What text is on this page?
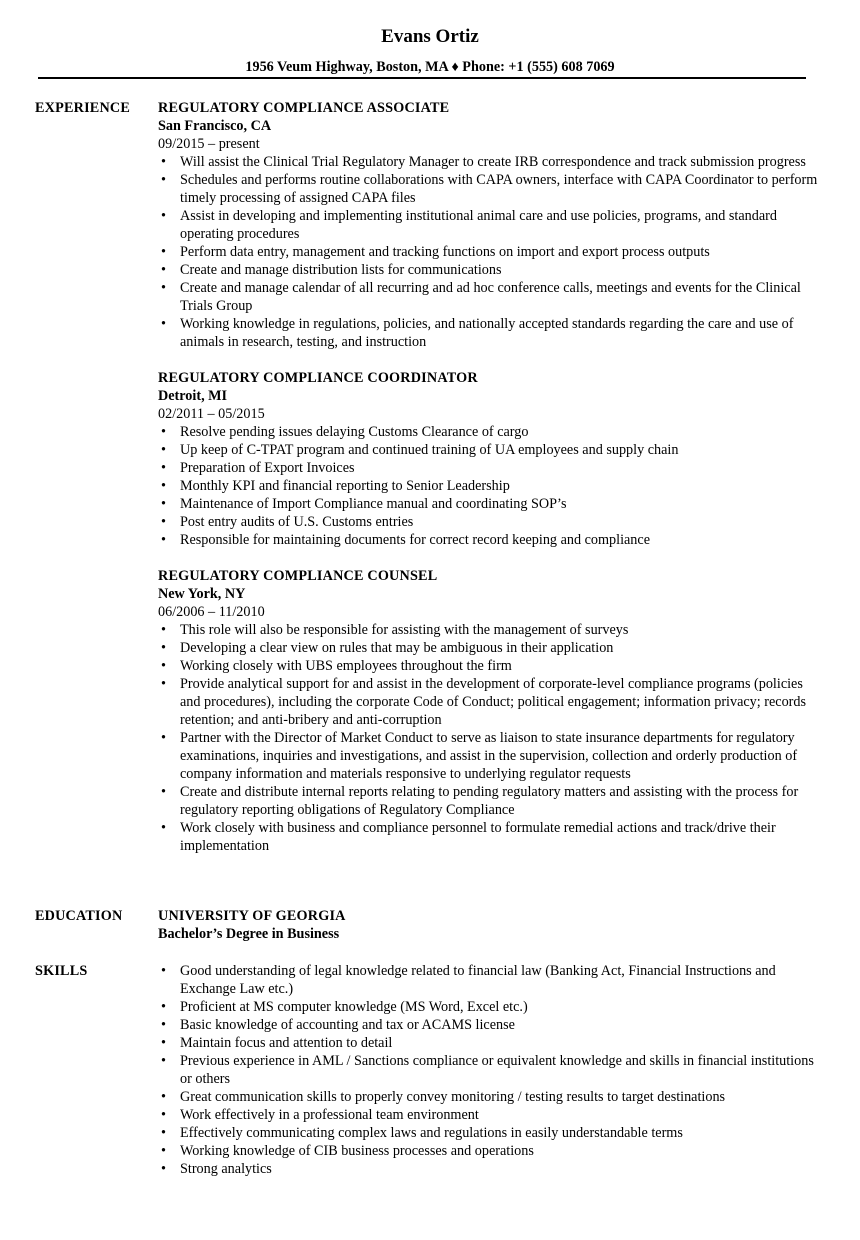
Evans Ortiz
1956 Veum Highway, Boston, MA ♦ Phone: +1 (555) 608 7069
EXPERIENCE REGULATORY COMPLIANCE ASSOCIATE
San Francisco, CA
09/2015 – present
• Will assist the Clinical Trial Regulatory Manager to create IRB correspondence and track submission progress
• Schedules and performs routine collaborations with CAPA owners, interface with CAPA Coordinator to perform timely processing of assigned CAPA files
• Assist in developing and implementing institutional animal care and use policies, programs, and standard operating procedures
• Perform data entry, management and tracking functions on import and export process outputs
• Create and manage distribution lists for communications
• Create and manage calendar of all recurring and ad hoc conference calls, meetings and events for the Clinical Trials Group
• Working knowledge in regulations, policies, and nationally accepted standards regarding the care and use of animals in research, testing, and instruction
REGULATORY COMPLIANCE COORDINATOR
Detroit, MI
02/2011 – 05/2015
• Resolve pending issues delaying Customs Clearance of cargo
• Up keep of C-TPAT program and continued training of UA employees and supply chain
• Preparation of Export Invoices
• Monthly KPI and financial reporting to Senior Leadership
• Maintenance of Import Compliance manual and coordinating SOP’s
• Post entry audits of U.S. Customs entries
• Responsible for maintaining documents for correct record keeping and compliance
REGULATORY COMPLIANCE COUNSEL
New York, NY
06/2006 – 11/2010
• This role will also be responsible for assisting with the management of surveys
• Developing a clear view on rules that may be ambiguous in their application
• Working closely with UBS employees throughout the firm
• Provide analytical support for and assist in the development of corporate-level compliance programs (policies and procedures), including the corporate Code of Conduct; political engagement; information privacy; records retention; and anti-bribery and anti-corruption
• Partner with the Director of Market Conduct to serve as liaison to state insurance departments for regulatory examinations, inquiries and investigations, and assist in the supervision, collection and orderly production of company information and materials responsive to underlying regulator requests
• Create and distribute internal reports relating to pending regulatory matters and assisting with the process for regulatory reporting obligations of Regulatory Compliance
• Work closely with business and compliance personnel to formulate remedial actions and track/drive their implementation
EDUCATION	UNIVERSITY OF GEORGIA
Bachelor’s Degree in Business
SKILLS
•	Good understanding of legal knowledge related to financial law (Banking Act, Financial Instructions and Exchange Law etc.)
• Proficient at MS computer knowledge (MS Word, Excel etc.)
• Basic knowledge of accounting and tax or ACAMS license
• Maintain focus and attention to detail
• Previous experience in AML / Sanctions compliance or equivalent knowledge and skills in financial institutions or others
• Great communication skills to properly convey monitoring / testing results to target destinations
• Work effectively in a professional team environment
• Effectively communicating complex laws and regulations in easily understandable terms
• Working knowledge of CIB business processes and operations
• Strong analytics
